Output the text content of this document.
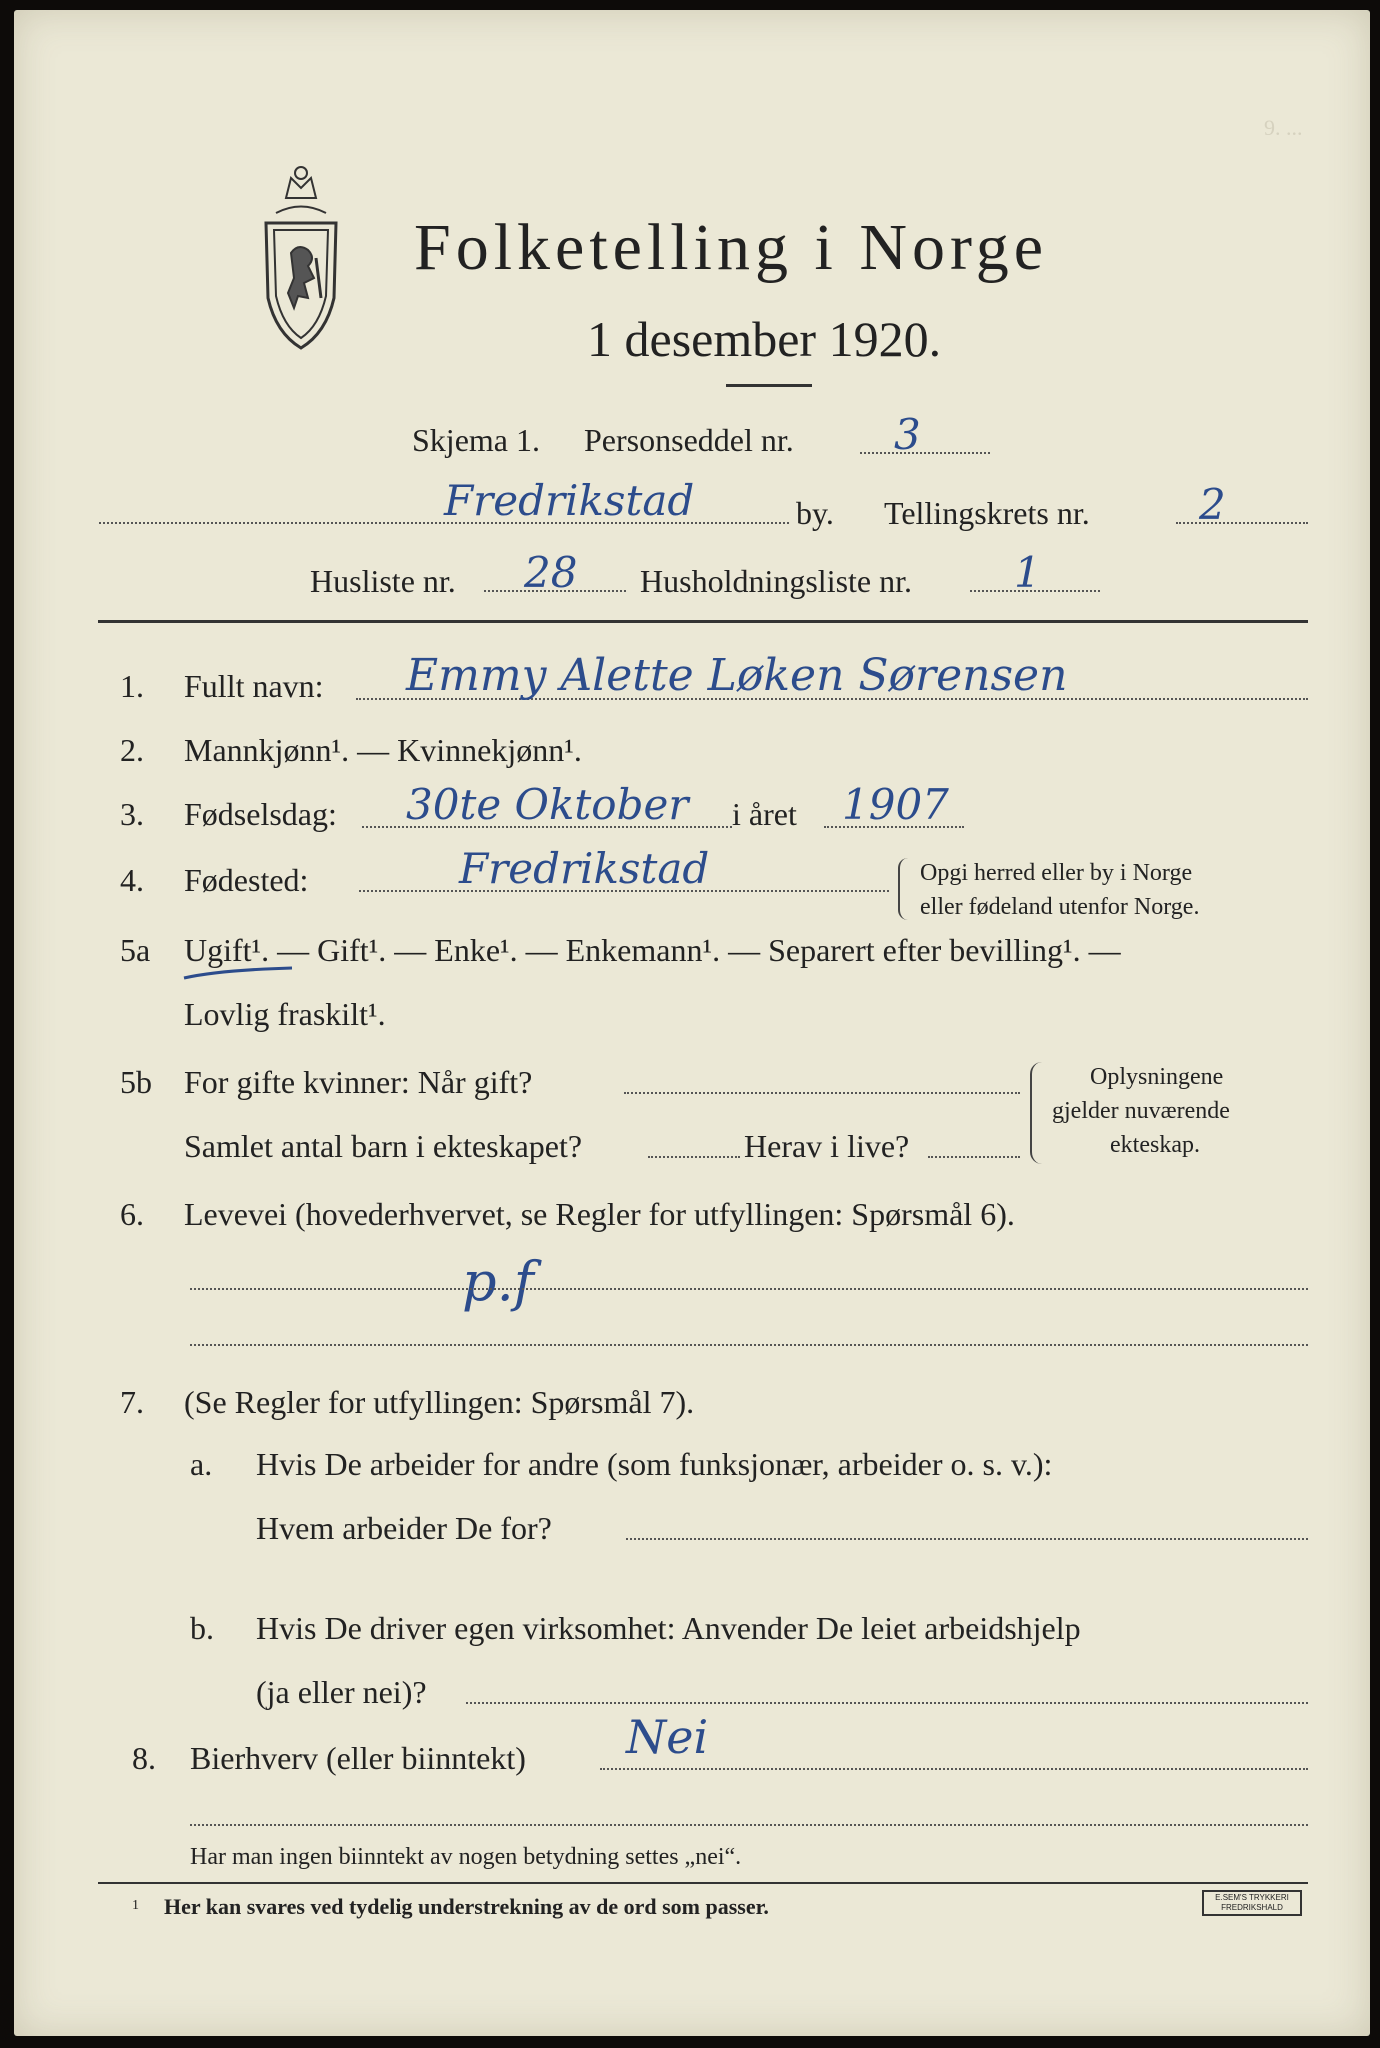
9. ...
Folketelling i Norge
1 desember 1920.
Skjema 1. Personseddel nr. 3
Fredrikstad	by. Tellingskrets nr.	2
Husliste nr. 28 Husholdningsliste nr. 1
1. Fullt navn: Emmy Alette Løken Sørensen
2. Mannkjønn¹. — Kvinnekjønn¹.
3. Fødselsdag: 30te Oktober i året 1907
4. Fødested:	Fredrikstad	Opgi herred eller by i Norge
eller fødeland utenfor Norge.
5a Ugift¹. — Gift¹. — Enke¹. — Enkemann¹. — Separert efter bevilling¹. —
Lovlig fraskilt¹.
5b For gifte kvinner: Når gift?
Samlet antal barn i ekteskapet?	Herav i live?
Oplysningene
gjelder nuværende
ekteskap.
6. Levevei (hovederhvervet, se Regler for utfyllingen: Spørsmål 6).
p.f
7. (Se Regler for utfyllingen: Spørsmål 7).
a. Hvis De arbeider for andre (som funksjonær, arbeider o. s. v.):
Hvem arbeider De for?
b. Hvis De driver egen virksomhet: Anvender De leiet arbeidshjelp
(ja eller nei)?
8. Bierhverv (eller biinntekt) Nei
Har man ingen biinntekt av nogen betydning settes „nei“.
1 Her kan svares ved tydelig understrekning av de ord som passer.	E.SEM'S TRYKKERI
FREDRIKSHALD
